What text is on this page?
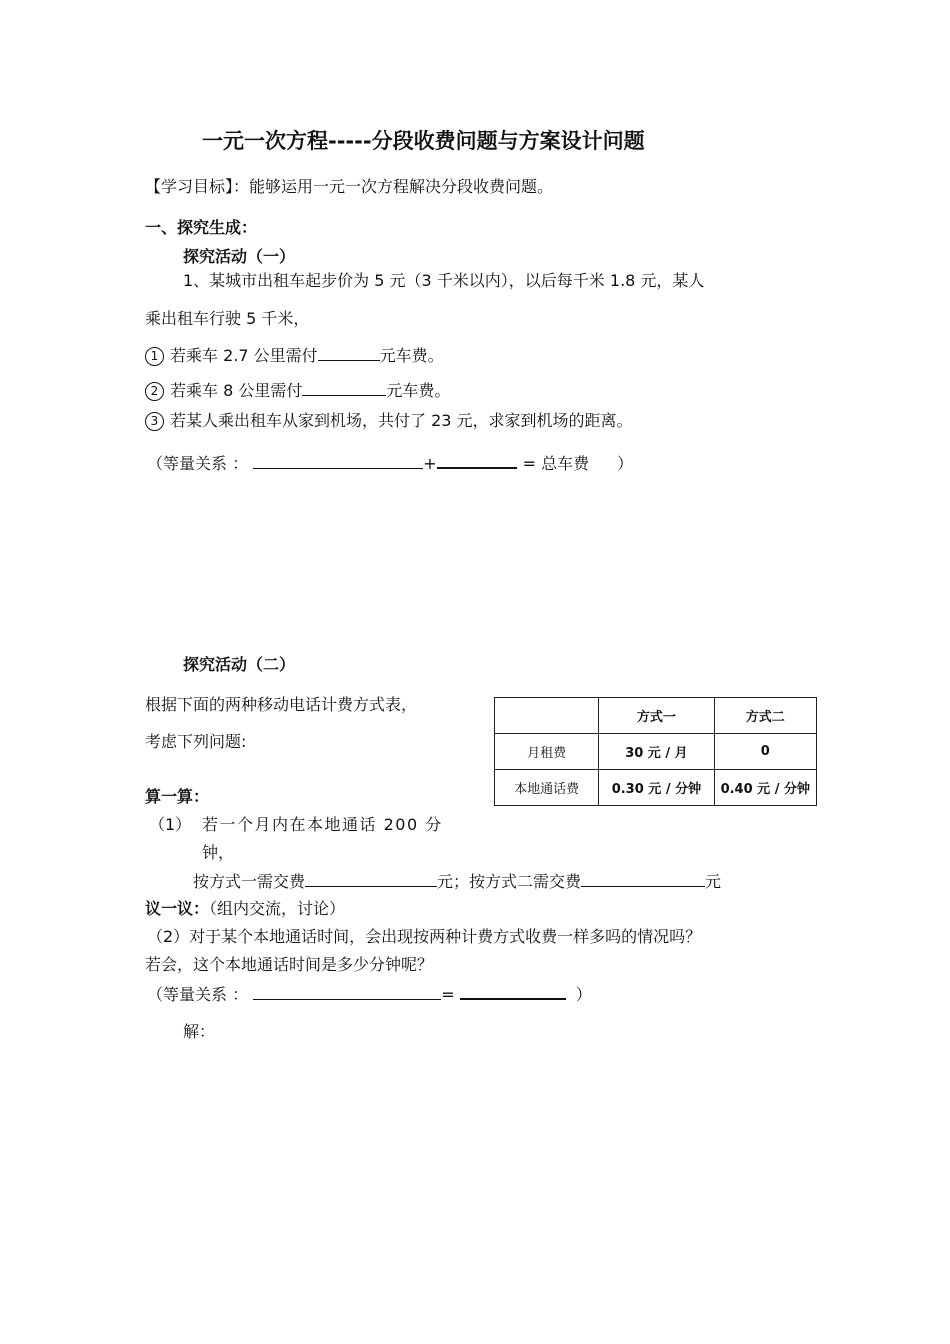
一元一次方程-----分段收费问题与方案设计问题
【学习目标】：能够运用一元一次方程解决分段收费问题。
一、探究生成：
探究活动（一）
1、某城市出租车起步价为 5 元（3 千米以内），以后每千米 1.8 元，某人
乘出租车行驶 5 千米，
1 若乘车 2.7 公里需付	元车费。
2 若乘车 8 公里需付	元车费。
3 若某人乘出租车从家到机场，共付了 23 元，求家到机场的距离。
（等量关系 ：	+	= 总车费 ）
探究活动（二）
根据下面的两种移动电话计费方式表，
考虑下列问题:
	方式一	方式二
月租费	30 元 / 月	0
本地通话费	0.30 元 / 分钟	0.40 元 / 分钟
算一算：
（1） 若一个月内在本地通话 200 分
钟，
按方式一需交费	元；按方式二需交费	元
议一议：（组内交流，讨论）
（2）对于某个本地通话时间，会出现按两种计费方式收费一样多吗的情况吗？
若会，这个本地通话时间是多少分钟呢？
（等量关系 ：	=	）
解：
